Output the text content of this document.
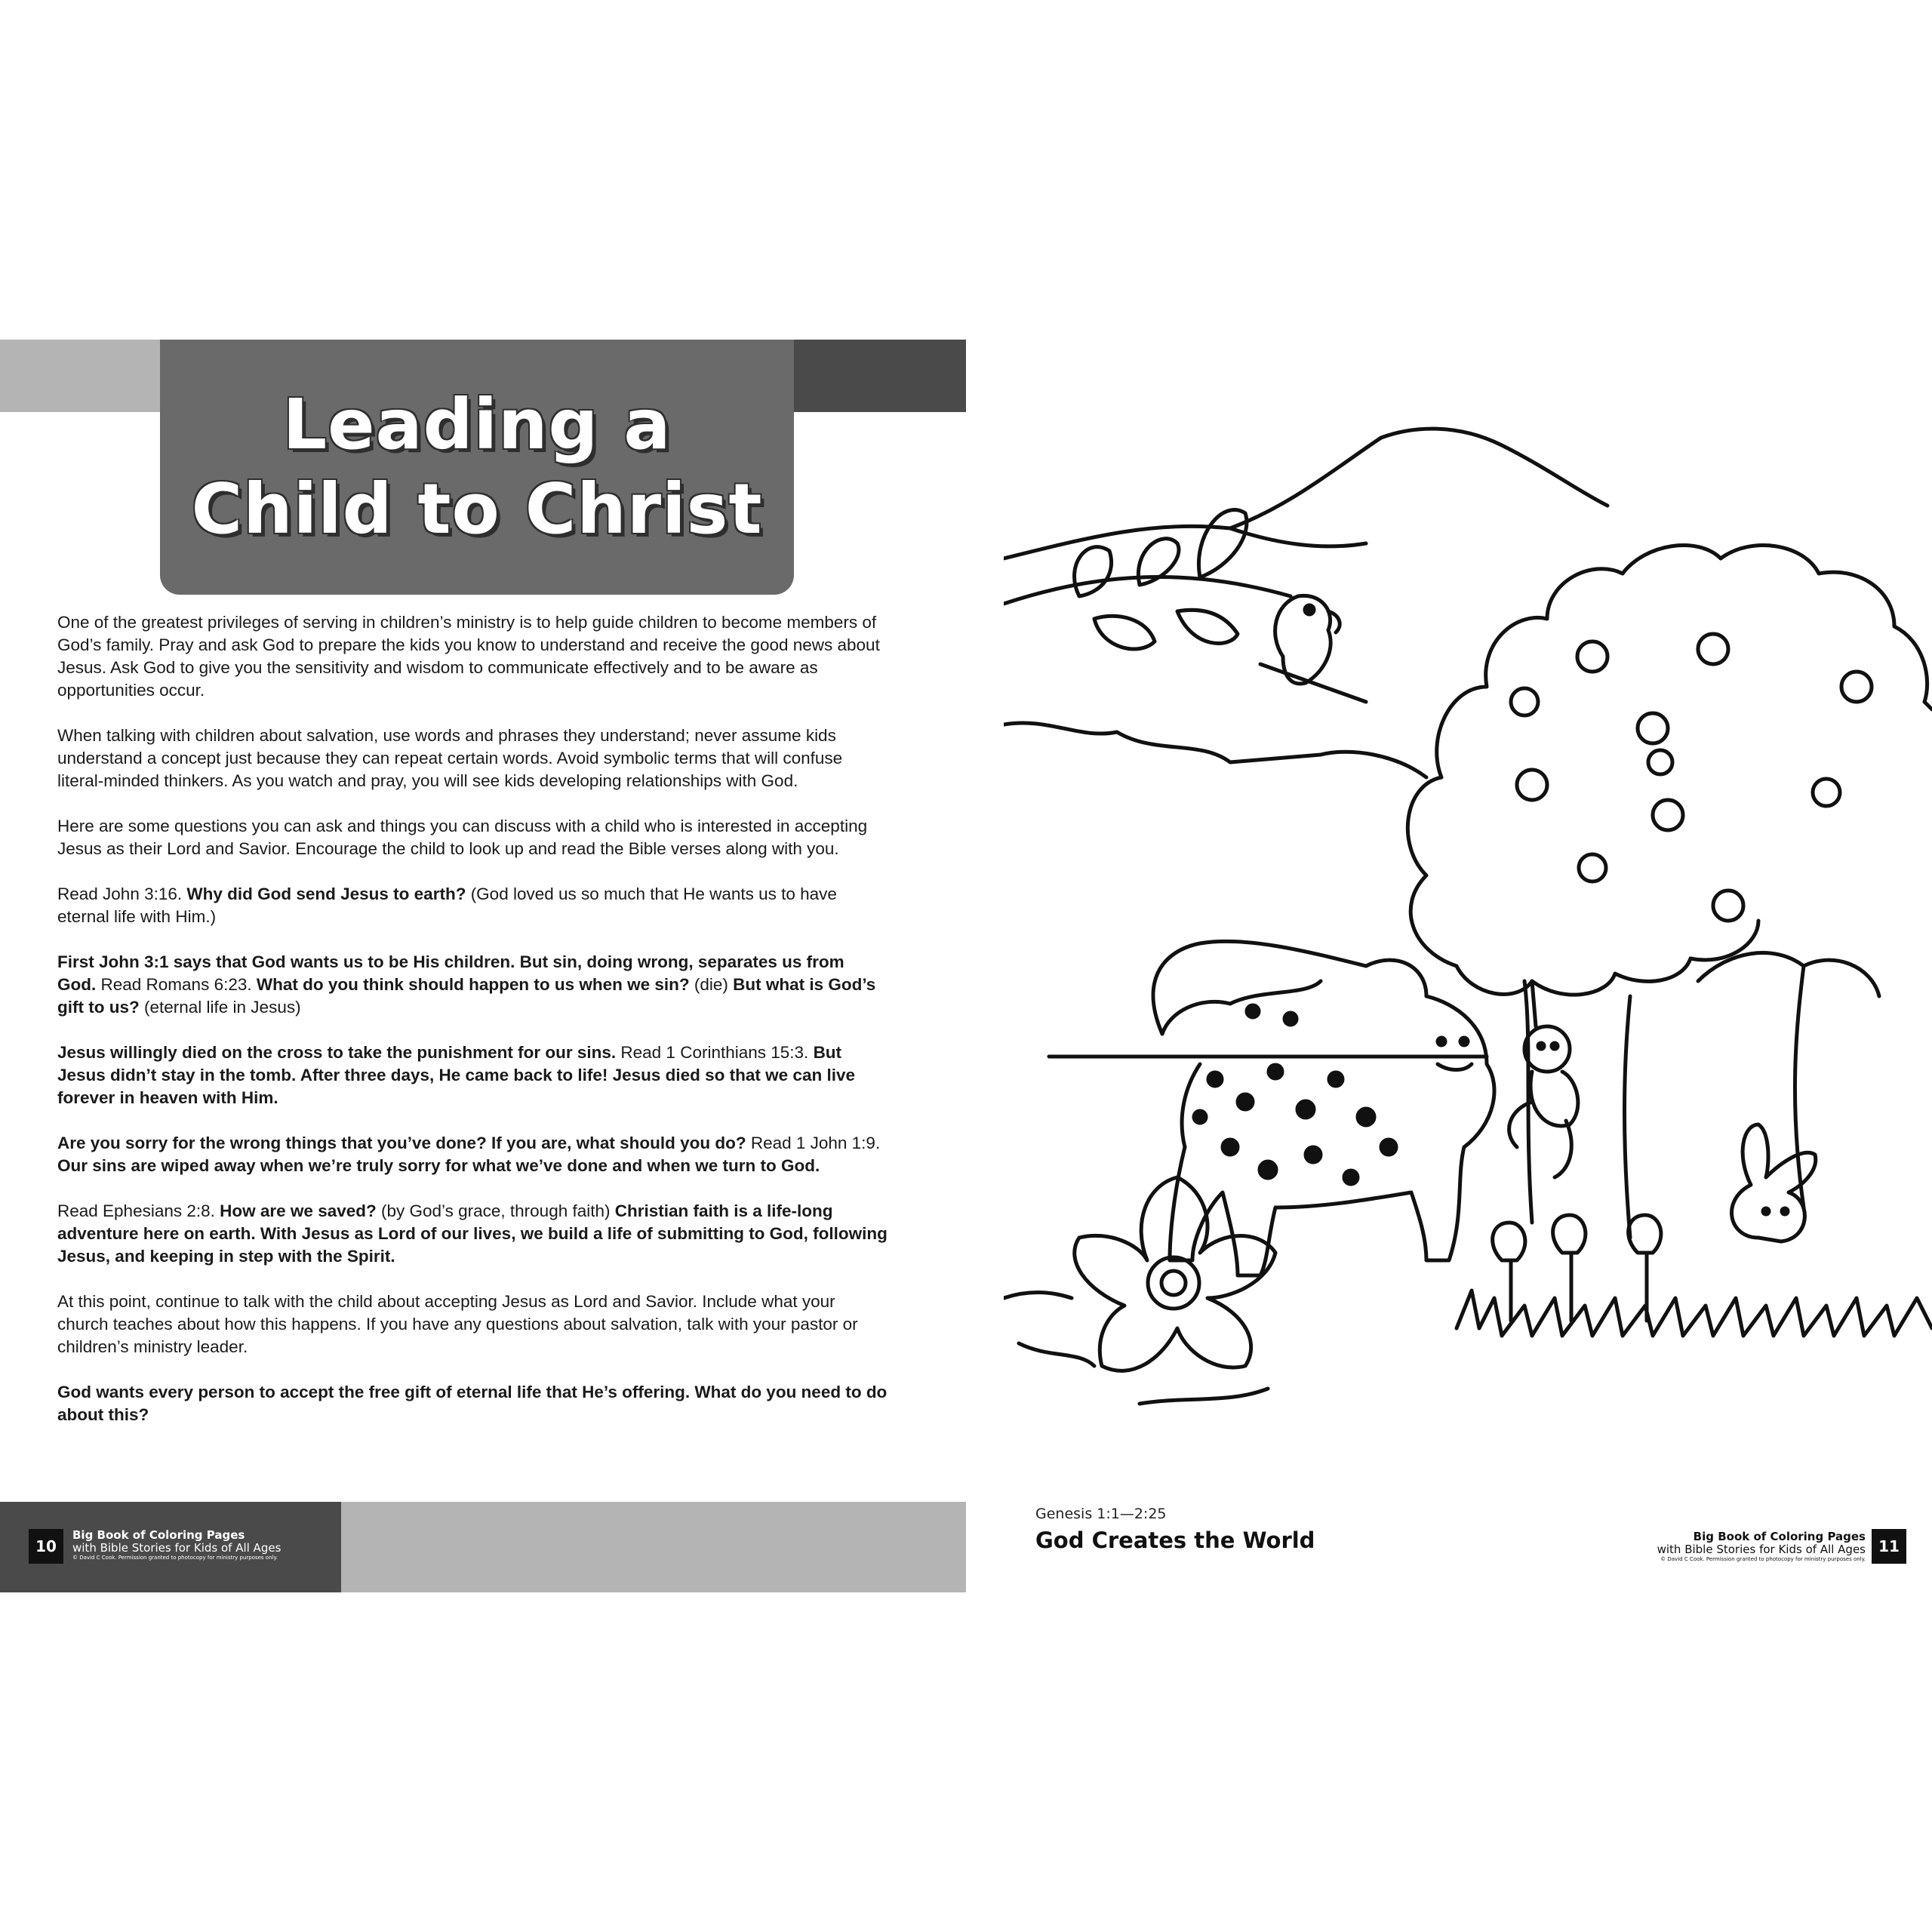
Leading a
Child to Christ

One of the greatest privileges of serving in children’s ministry is to help guide children to become members of God’s family. Pray and ask God to prepare the kids you know to understand and receive the good news about Jesus. Ask God to give you the sensitivity and wisdom to communicate effectively and to be aware as opportunities occur.

When talking with children about salvation, use words and phrases they understand; never assume kids understand a concept just because they can repeat certain words. Avoid symbolic terms that will confuse literal-minded thinkers. As you watch and pray, you will see kids developing relationships with God.

Here are some questions you can ask and things you can discuss with a child who is interested in accepting Jesus as their Lord and Savior. Encourage the child to look up and read the Bible verses along with you.

Read John 3:16. Why did God send Jesus to earth? (God loved us so much that He wants us to have eternal life with Him.)

First John 3:1 says that God wants us to be His children. But sin, doing wrong, separates us from God. Read Romans 6:23. What do you think should happen to us when we sin? (die) But what is God’s gift to us? (eternal life in Jesus)

Jesus willingly died on the cross to take the punishment for our sins. Read 1 Corinthians 15:3. But Jesus didn’t stay in the tomb. After three days, He came back to life! Jesus died so that we can live forever in heaven with Him.

Are you sorry for the wrong things that you’ve done? If you are, what should you do? Read 1 John 1:9. Our sins are wiped away when we’re truly sorry for what we’ve done and when we turn to God.

Read Ephesians 2:8. How are we saved? (by God’s grace, through faith) Christian faith is a life-long adventure here on earth. With Jesus as Lord of our lives, we build a life of submitting to God, following Jesus, and keeping in step with the Spirit.

At this point, continue to talk with the child about accepting Jesus as Lord and Savior. Include what your church teaches about how this happens. If you have any questions about salvation, talk with your pastor or children’s ministry leader.

God wants every person to accept the free gift of eternal life that He’s offering. What do you need to do about this?

10
Big Book of Coloring Pages
with Bible Stories for Kids of All Ages
© David C Cook. Permission granted to photocopy for ministry purposes only.
Genesis 1:1—2:25
God Creates the World	Big Book of Coloring Pages
with Bible Stories for Kids of All Ages
© David C Cook. Permission granted to photocopy for ministry purposes only.
11
